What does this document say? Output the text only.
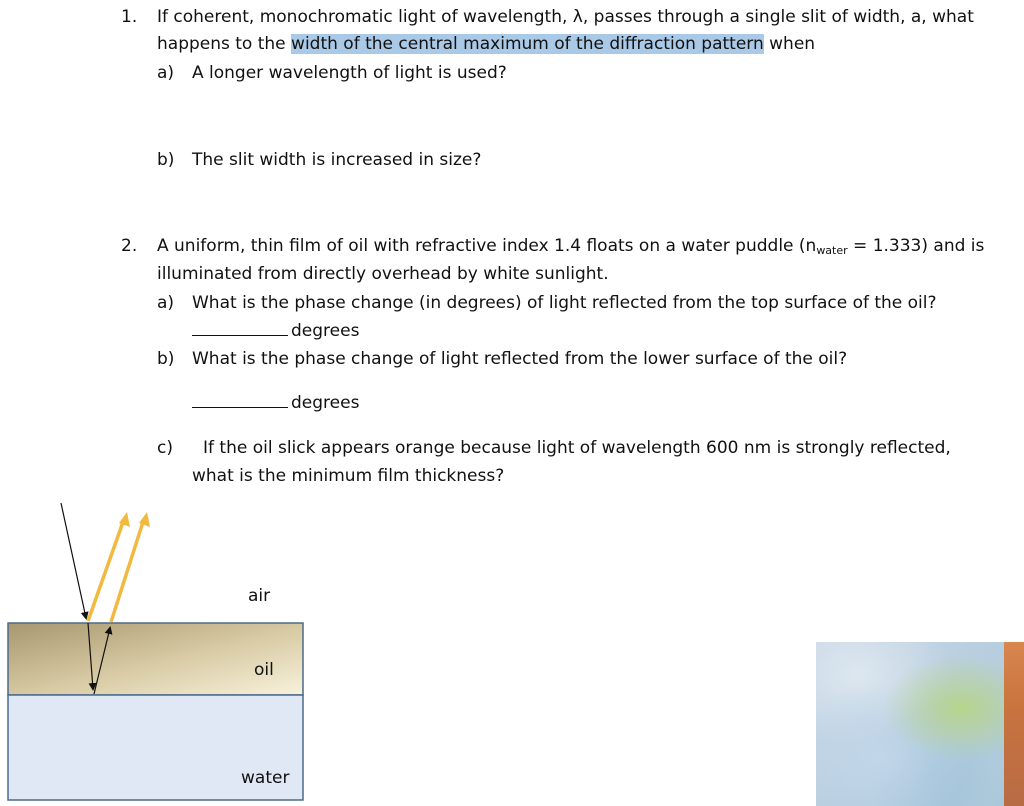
1. If coherent, monochromatic light of wavelength, λ, passes through a single slit of width, a, what
happens to the width of the central maximum of the diffraction pattern when
a) A longer wavelength of light is used?
b) The slit width is increased in size?
2. A uniform, thin film of oil with refractive index 1.4 floats on a water puddle $(n_{water} = 1.333)$ and is
illuminated from directly overhead by white sunlight.
a) What is the phase change (in degrees) of light reflected from the top surface of the oil?
degrees
b) What is the phase change of light reflected from the lower surface of the oil?
degrees
c) If the oil slick appears orange because light of wavelength 600 nm is strongly reflected,
what is the minimum film thickness?
air
oil
water
